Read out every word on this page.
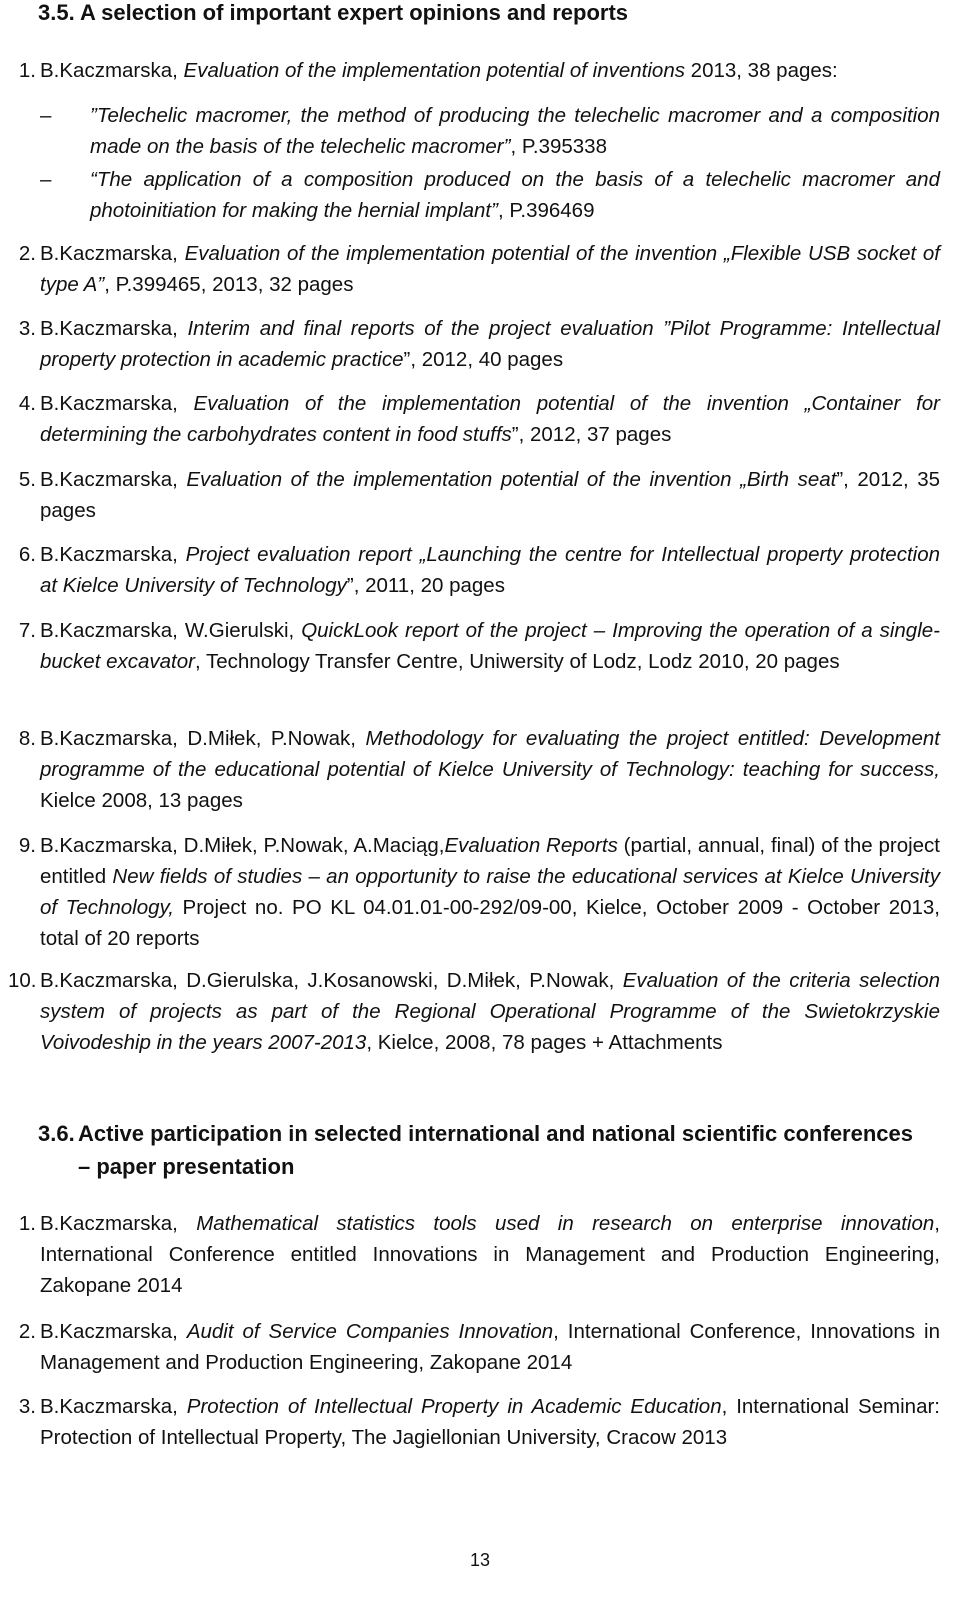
3.5. A selection of important expert opinions and reports
1. B.Kaczmarska, Evaluation of the implementation potential of inventions 2013, 38 pages:
2. B.Kaczmarska, Evaluation of the implementation potential of the invention „Flexible USB socket of type A”, P.399465, 2013, 32 pages
3. B.Kaczmarska, Interim and final reports of the project evaluation ”Pilot Programme: Intellectual property protection in academic practice”, 2012, 40 pages
4. B.Kaczmarska, Evaluation of the implementation potential of the invention „Container for determining the carbohydrates content in food stuffs”, 2012, 37 pages
5. B.Kaczmarska, Evaluation of the implementation potential of the invention „Birth seat”, 2012, 35 pages
6. B.Kaczmarska, Project evaluation report „Launching the centre for Intellectual property protection at Kielce University of Technology”, 2011, 20 pages
7. B.Kaczmarska, W.Gierulski, QuickLook report of the project – Improving the operation of a single-bucket excavator, Technology Transfer Centre, Uniwersity of Lodz, Lodz 2010, 20 pages
8. B.Kaczmarska, D.Miłek, P.Nowak, Methodology for evaluating the project entitled: Development programme of the educational potential of Kielce University of Technology: teaching for success, Kielce 2008, 13 pages
9. B.Kaczmarska, D.Miłek, P.Nowak, A.Maciąg,Evaluation Reports (partial, annual, final) of the project entitled New fields of studies – an opportunity to raise the educational services at Kielce University of Technology, Project no. PO KL 04.01.01-00-292/09-00, Kielce, October 2009 - October 2013, total of 20 reports
10. B.Kaczmarska, D.Gierulska, J.Kosanowski, D.Miłek, P.Nowak, Evaluation of the criteria selection system of projects as part of the Regional Operational Programme of the Swietokrzyskie Voivodeship in the years 2007-2013, Kielce, 2008, 78 pages + Attachments
– ”Telechelic macromer, the method of producing the telechelic macromer and a composition made on the basis of the telechelic macromer”, P.395338
– “The application of a composition produced on the basis of a telechelic macromer and photoinitiation for making the hernial implant”, P.396469
3.6. Active participation in selected international and national scientific conferences – paper presentation
1. B.Kaczmarska, Mathematical statistics tools used in research on enterprise innovation, International Conference entitled Innovations in Management and Production Engineering, Zakopane 2014
2. B.Kaczmarska, Audit of Service Companies Innovation, International Conference, Innovations in Management and Production Engineering, Zakopane 2014
3. B.Kaczmarska, Protection of Intellectual Property in Academic Education, International Seminar: Protection of Intellectual Property, The Jagiellonian University, Cracow 2013
13
